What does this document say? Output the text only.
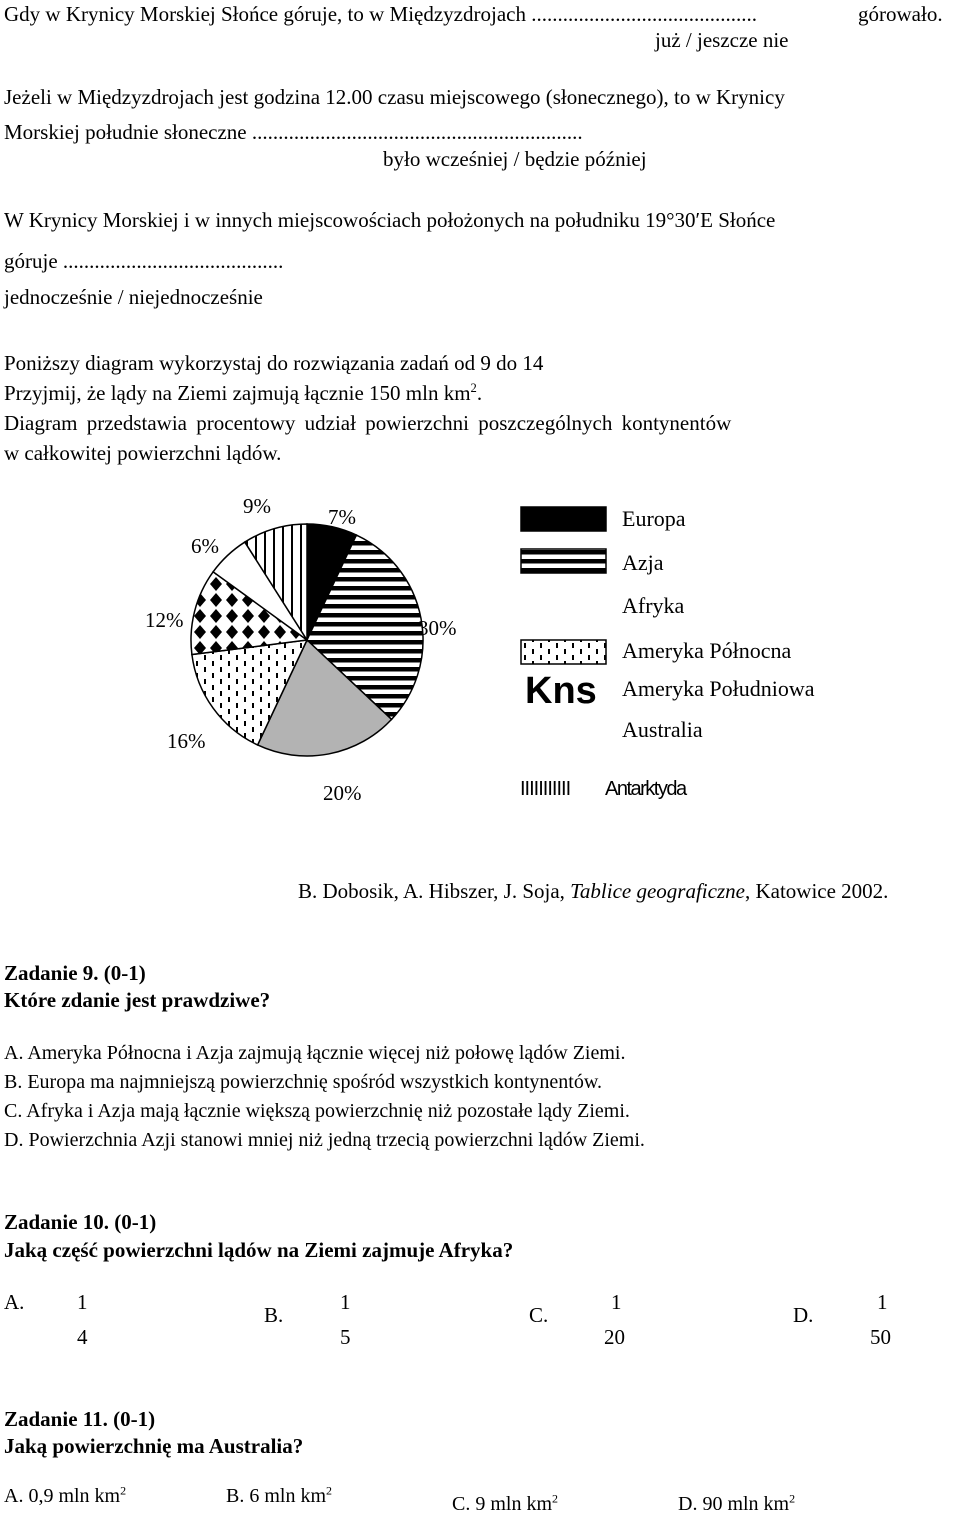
Gdy w Krynicy Morskiej Słońce góruje, to w Międzyzdrojach ...........................................	górowało.
już / jeszcze nie
Jeżeli w Międzyzdrojach jest godzina 12.00 czasu miejscowego (słonecznego), to w Krynicy
Morskiej południe słoneczne ...............................................................
było wcześniej / będzie później
W Krynicy Morskiej i w innych miejscowościach położonych na południku 19°30′E Słońce
góruje ..........................................
jednocześnie / niejednocześnie
Poniższy diagram wykorzystaj do rozwiązania zadań od 9 do 14
Przyjmij, że lądy na Ziemi zajmują łącznie 150 mln $km^2$.
Diagram przedstawia procentowy udział powierzchni poszczególnych kontynentów
w całkowitej powierzchni lądów.
7%
30%
20%
16%
12%
6%
9%	Europa
Azja
Afryka
Ameryka Północna
Kns Ameryka Południowa
Australia
IIIIIIIIIII Antarktyda
B. Dobosik, A. Hibszer, J. Soja, Tablice geograficzne, Katowice 2002.
Zadanie 9. (0-1)
Które zdanie jest prawdziwe?
A. Ameryka Północna i Azja zajmują łącznie więcej niż połowę lądów Ziemi.
B. Europa ma najmniejszą powierzchnię spośród wszystkich kontynentów.
C. Afryka i Azja mają łącznie większą powierzchnię niż pozostałe lądy Ziemi.
D. Powierzchnia Azji stanowi mniej niż jedną trzecią powierzchni lądów Ziemi.
Zadanie 10. (0-1)
Jaką część powierzchni lądów na Ziemi zajmuje Afryka?
A.	1
4
B.
1
5
C.
1
20
D.
1
50
Zadanie 11. (0-1)
Jaką powierzchnię ma Australia?
A. 0,9 mln $km^2$	B. 6 mln $km^2$
C. 9 mln $km^2$	D. 90 mln $km^2$
